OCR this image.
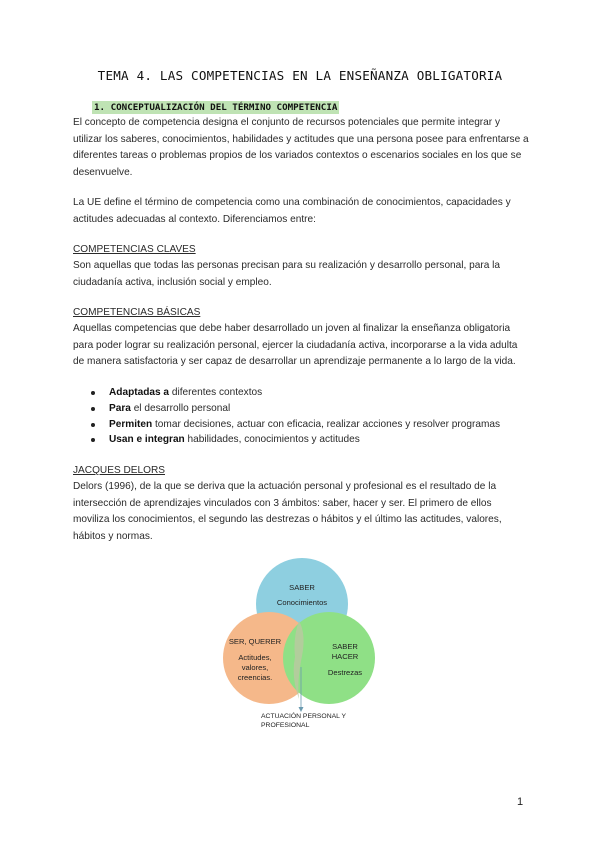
TEMA 4. LAS COMPETENCIAS EN LA ENSEÑANZA OBLIGATORIA
1. CONCEPTUALIZACIÓN DEL TÉRMINO COMPETENCIA
El concepto de competencia designa el conjunto de recursos potenciales que permite integrar y
utilizar los saberes, conocimientos, habilidades y actitudes que una persona posee para enfrentarse a
diferentes tareas o problemas propios de los variados contextos o escenarios sociales en los que se
desenvuelve.
La UE define el término de competencia como una combinación de conocimientos, capacidades y
actitudes adecuadas al contexto. Diferenciamos entre:
COMPETENCIAS CLAVES
Son aquellas que todas las personas precisan para su realización y desarrollo personal, para la
ciudadanía activa, inclusión social y empleo.
COMPETENCIAS BÁSICAS
Aquellas competencias que debe haber desarrollado un joven al finalizar la enseñanza obligatoria
para poder lograr su realización personal, ejercer la ciudadanía activa, incorporarse a la vida adulta
de manera satisfactoria y ser capaz de desarrollar un aprendizaje permanente a lo largo de la vida.
Adaptadas a diferentes contextos
Para el desarrollo personal
Permiten tomar decisiones, actuar con eficacia, realizar acciones y resolver programas
Usan e integran habilidades, conocimientos y actitudes
JACQUES DELORS
Delors (1996), de la que se deriva que la actuación personal y profesional es el resultado de la
intersección de aprendizajes vinculados con 3 ámbitos: saber, hacer y ser. El primero de ellos
moviliza los conocimientos, el segundo las destrezas o hábitos y el último las actitudes, valores,
hábitos y normas.
SABER
Conocimientos
SER, QUERER
Actitudes,
valores,
creencias.
SABER
HACER
Destrezas
ACTUACIÓN PERSONAL Y
PROFESIONAL
1
